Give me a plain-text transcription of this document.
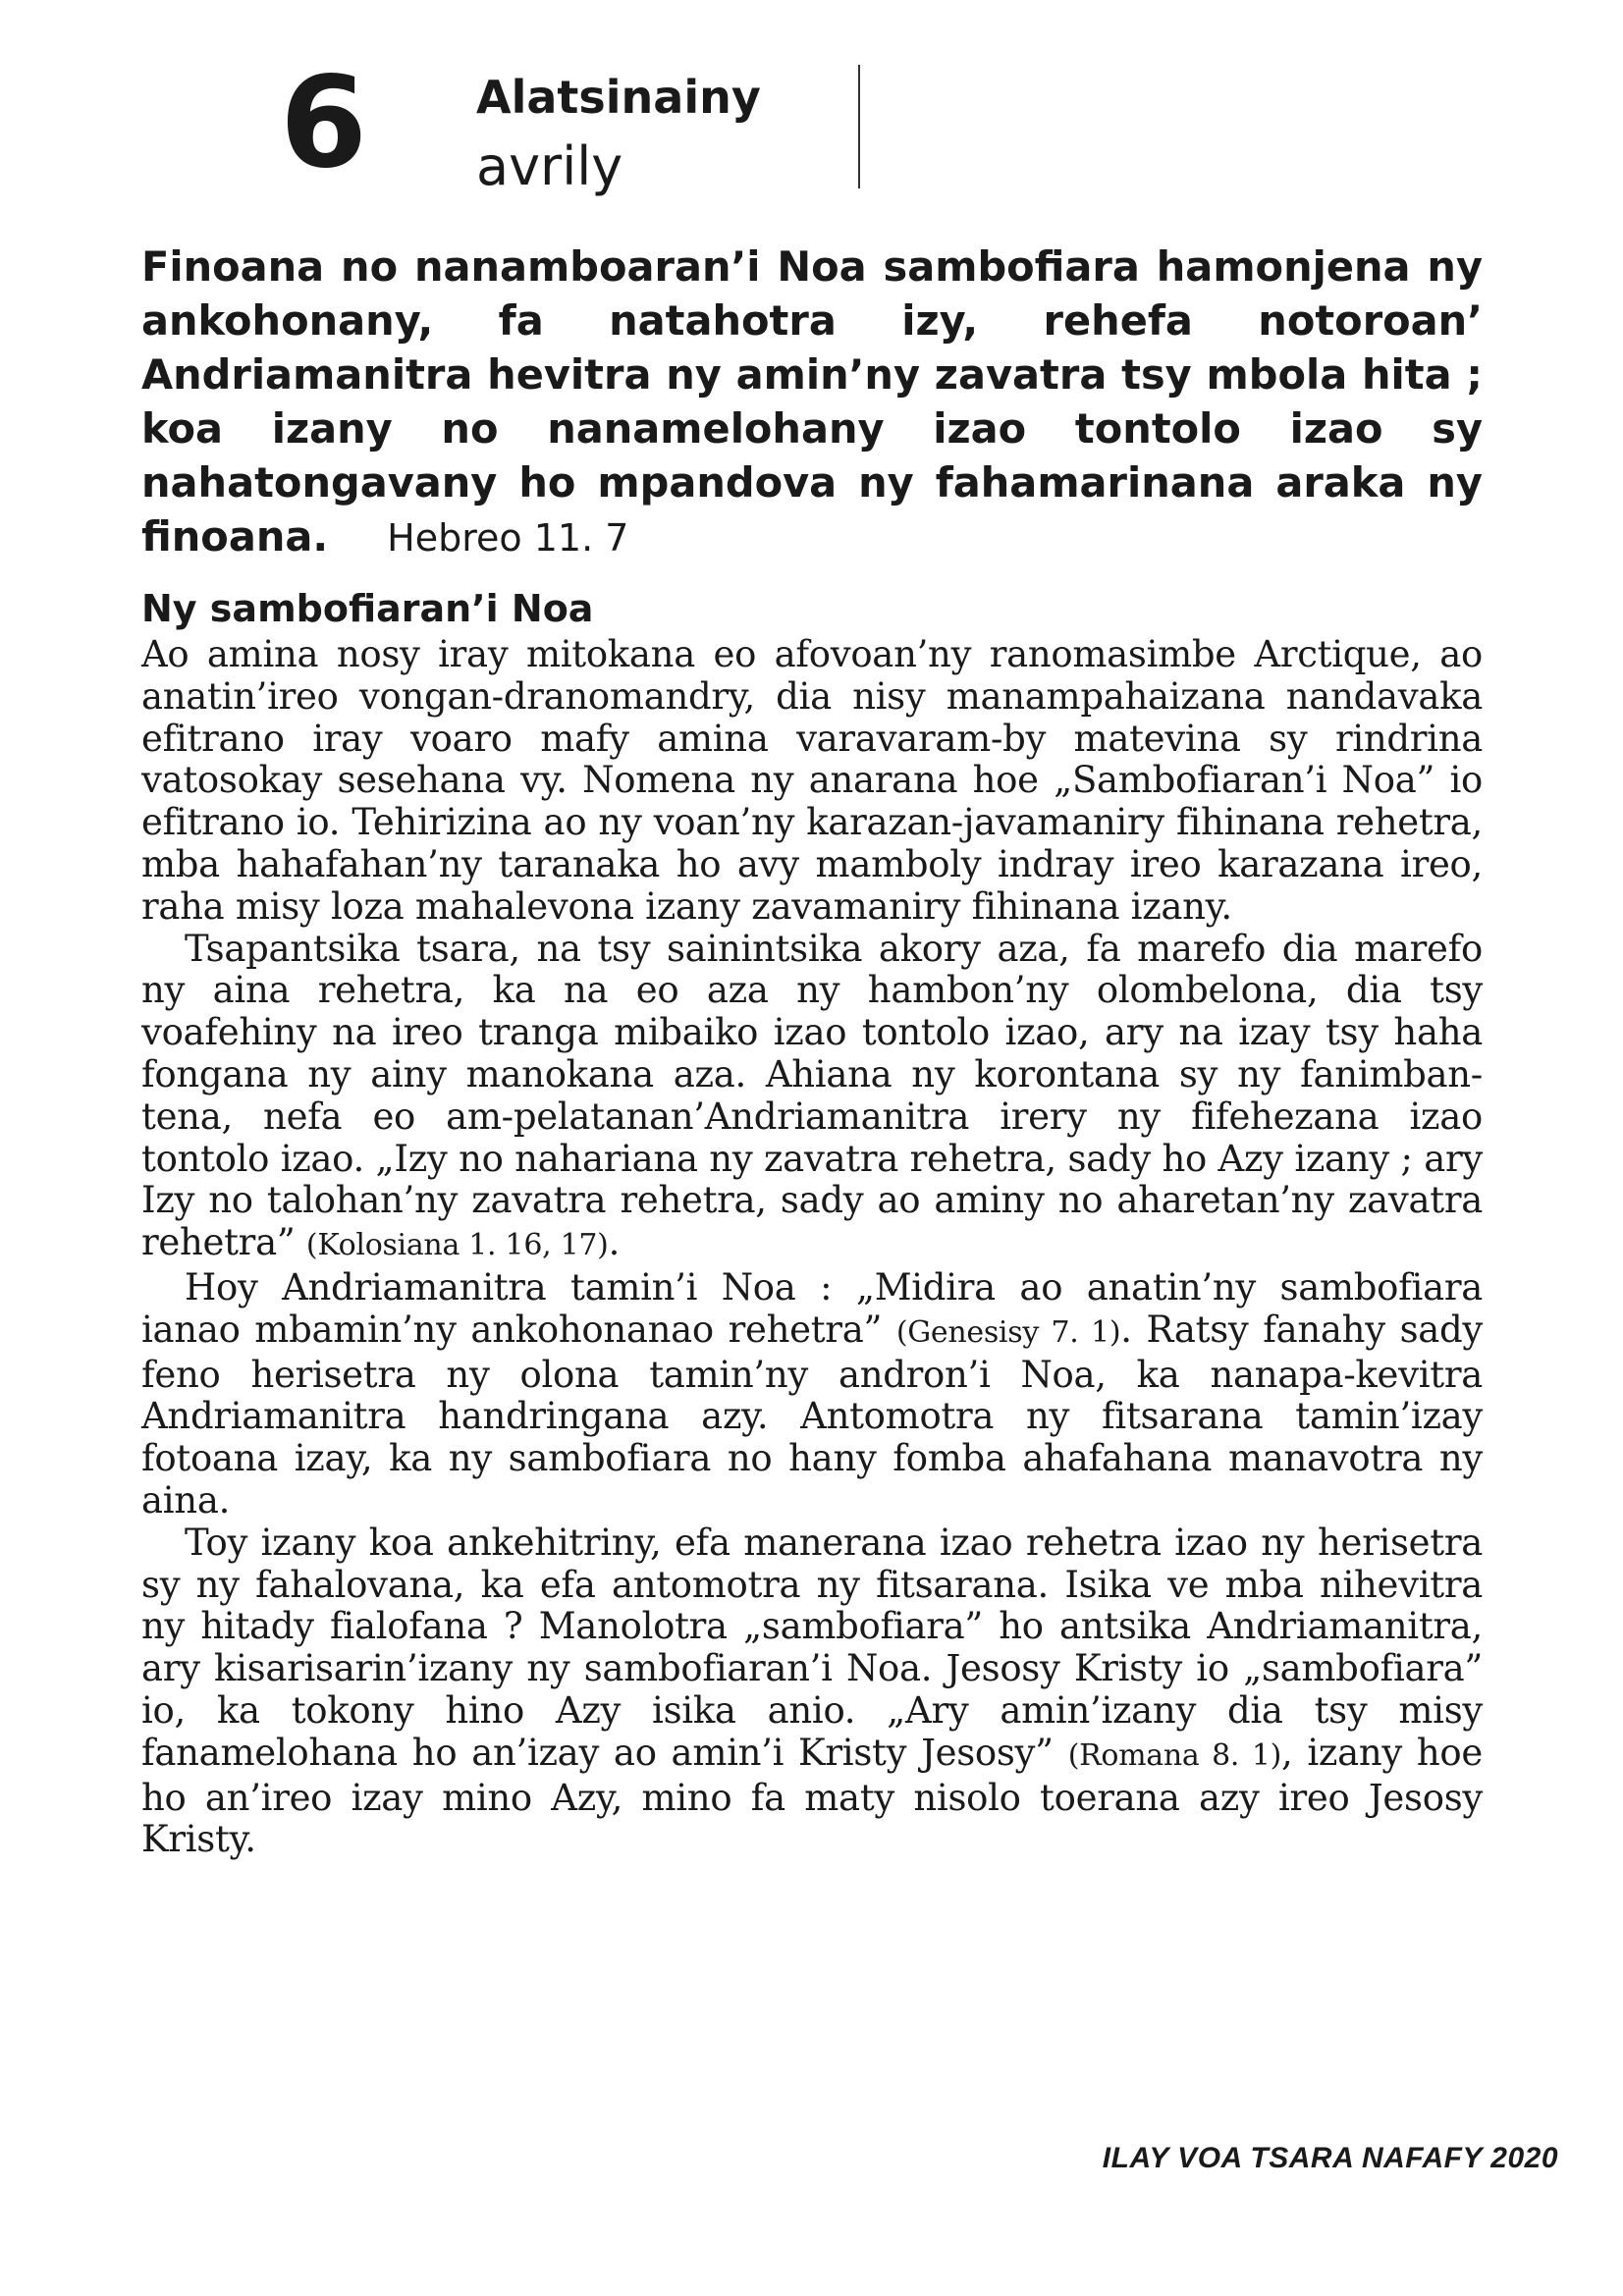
6 Alatsinainy
avrily

Finoana no nanamboaran’i Noa sambofiara hamonjena ny ankohonany, fa natahotra izy, rehefa notoroan’ Andriamanitra hevitra ny amin’ny zavatra tsy mbola hita ; koa izany no nanamelohany izao tontolo izao sy nahatongavany ho mpandova ny fahamarinana araka ny finoana. Hebreo 11. 7

Ny sambofiaran’i Noa

Ao amina nosy iray mitokana eo afovoan’ny ranomasimbe Arctique, ao anatin’ireo vongan-dranomandry, dia nisy manampahaizana nandavaka efitrano iray voaro mafy amina varavaram-by matevina sy rindrina vatosokay sesehana vy. Nomena ny anarana hoe „Sambofiaran’i Noa” io efitrano io. Tehirizina ao ny voan’ny karazan-javamaniry fihinana rehetra, mba hahafahan’ny taranaka ho avy mamboly indray ireo karazana ireo, raha misy loza mahalevona izany zavamaniry fihinana izany.

Tsapantsika tsara, na tsy sainintsika akory aza, fa marefo dia marefo ny aina rehetra, ka na eo aza ny hambon’ny olombelona, dia tsy voafehiny na ireo tranga mibaiko izao tontolo izao, ary na izay tsy haha fongana ny ainy manokana aza. Ahiana ny korontana sy ny fanimban-tena, nefa eo am-pelatanan’Andriamanitra irery ny fifehezana izao tontolo izao. „Izy no nahariana ny zavatra rehetra, sady ho Azy izany ; ary Izy no talohan’ny zavatra rehetra, sady ao aminy no aharetan’ny zavatra rehetra” (Kolosiana 1. 16, 17).

Hoy Andriamanitra tamin’i Noa : „Midira ao anatin’ny sambofiara ianao mbamin’ny ankohonanao rehetra” (Genesisy 7. 1). Ratsy fanahy sady feno herisetra ny olona tamin’ny andron’i Noa, ka nanapa-kevitra Andriamanitra handringana azy. Antomotra ny fitsarana tamin’izay fotoana izay, ka ny sambofiara no hany fomba ahafahana manavotra ny aina.

Toy izany koa ankehitriny, efa manerana izao rehetra izao ny herisetra sy ny fahalovana, ka efa antomotra ny fitsarana. Isika ve mba nihevitra ny hitady fialofana ? Manolotra „sambofiara” ho antsika Andriamanitra, ary kisarisarin’izany ny sambofiaran’i Noa. Jesosy Kristy io „sambofiara” io, ka tokony hino Azy isika anio. „Ary amin’izany dia tsy misy fanamelohana ho an’izay ao amin’i Kristy Jesosy” (Romana 8. 1), izany hoe ho an’ireo izay mino Azy, mino fa maty nisolo toerana azy ireo Jesosy Kristy.

ILAY VOA TSARA NAFAFY 2020
